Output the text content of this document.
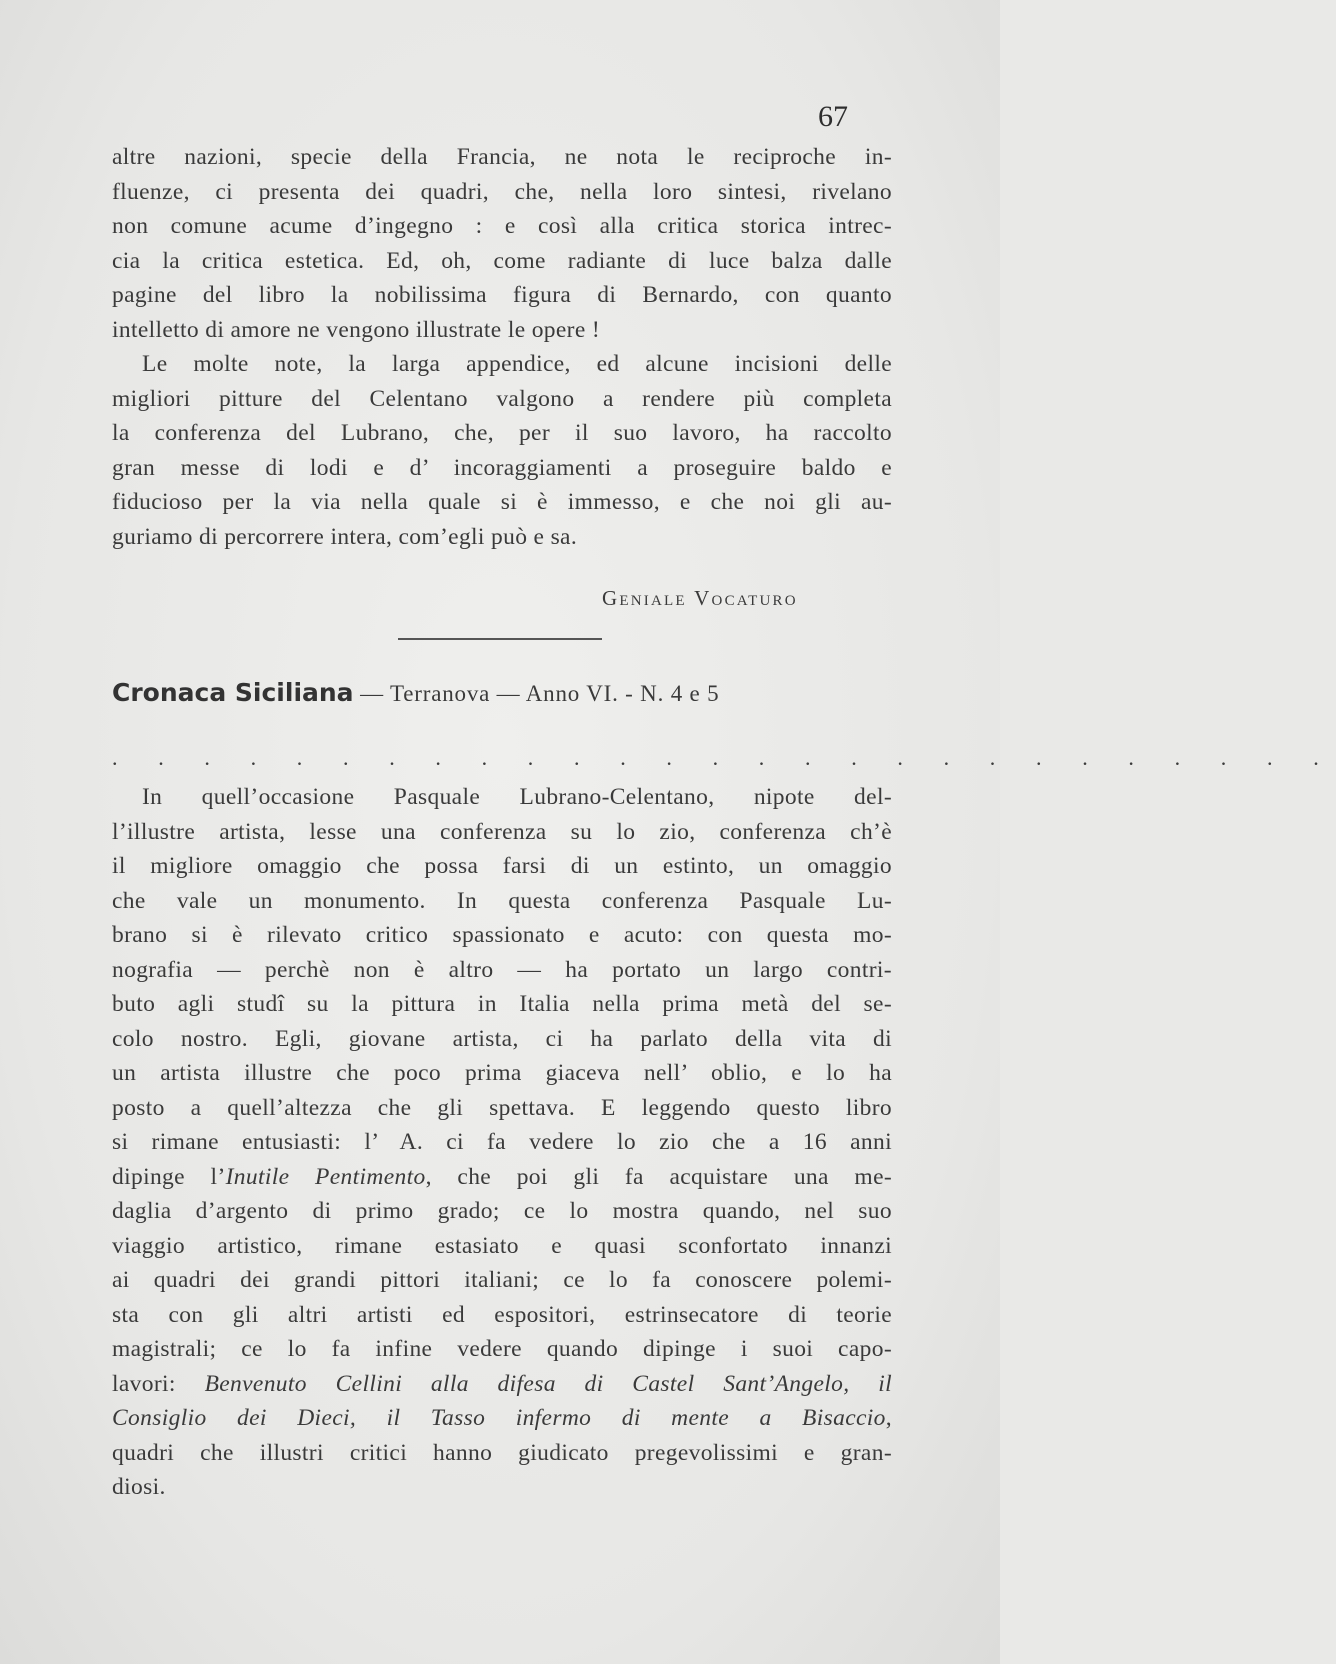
67
altre nazioni, specie della Francia, ne nota le reciproche in-
fluenze, ci presenta dei quadri, che, nella loro sintesi, rivelano
non comune acume d’ingegno : e così alla critica storica intrec-
cia la critica estetica. Ed, oh, come radiante di luce balza dalle
pagine del libro la nobilissima figura di Bernardo, con quanto
intelletto di amore ne vengono illustrate le opere !
Le molte note, la larga appendice, ed alcune incisioni delle
migliori pitture del Celentano valgono a rendere più completa
la conferenza del Lubrano, che, per il suo lavoro, ha raccolto
gran messe di lodi e d’ incoraggiamenti a proseguire baldo e
fiducioso per la via nella quale si è immesso, e che noi gli au-
guriamo di percorrere intera, com’egli può e sa.
Geniale Vocaturo
Cronaca Siciliana — Terranova — Anno VI. - N. 4 e 5
. . . . . . . . . . . . . . . . . . . . . . . . . . .
In quell’occasione Pasquale Lubrano-Celentano, nipote del-
l’illustre artista, lesse una conferenza su lo zio, conferenza ch’è
il migliore omaggio che possa farsi di un estinto, un omaggio
che vale un monumento. In questa conferenza Pasquale Lu-
brano si è rilevato critico spassionato e acuto: con questa mo-
nografia — perchè non è altro — ha portato un largo contri-
buto agli studî su la pittura in Italia nella prima metà del se-
colo nostro. Egli, giovane artista, ci ha parlato della vita di
un artista illustre che poco prima giaceva nell’ oblio, e lo ha
posto a quell’altezza che gli spettava. E leggendo questo libro
si rimane entusiasti: l’ A. ci fa vedere lo zio che a 16 anni
dipinge l’Inutile Pentimento, che poi gli fa acquistare una me-
daglia d’argento di primo grado; ce lo mostra quando, nel suo
viaggio artistico, rimane estasiato e quasi sconfortato innanzi
ai quadri dei grandi pittori italiani; ce lo fa conoscere polemi-
sta con gli altri artisti ed espositori, estrinsecatore di teorie
magistrali; ce lo fa infine vedere quando dipinge i suoi capo-
lavori: Benvenuto Cellini alla difesa di Castel Sant’Angelo, il
Consiglio dei Dieci, il Tasso infermo di mente a Bisaccio,
quadri che illustri critici hanno giudicato pregevolissimi e gran-
diosi.
